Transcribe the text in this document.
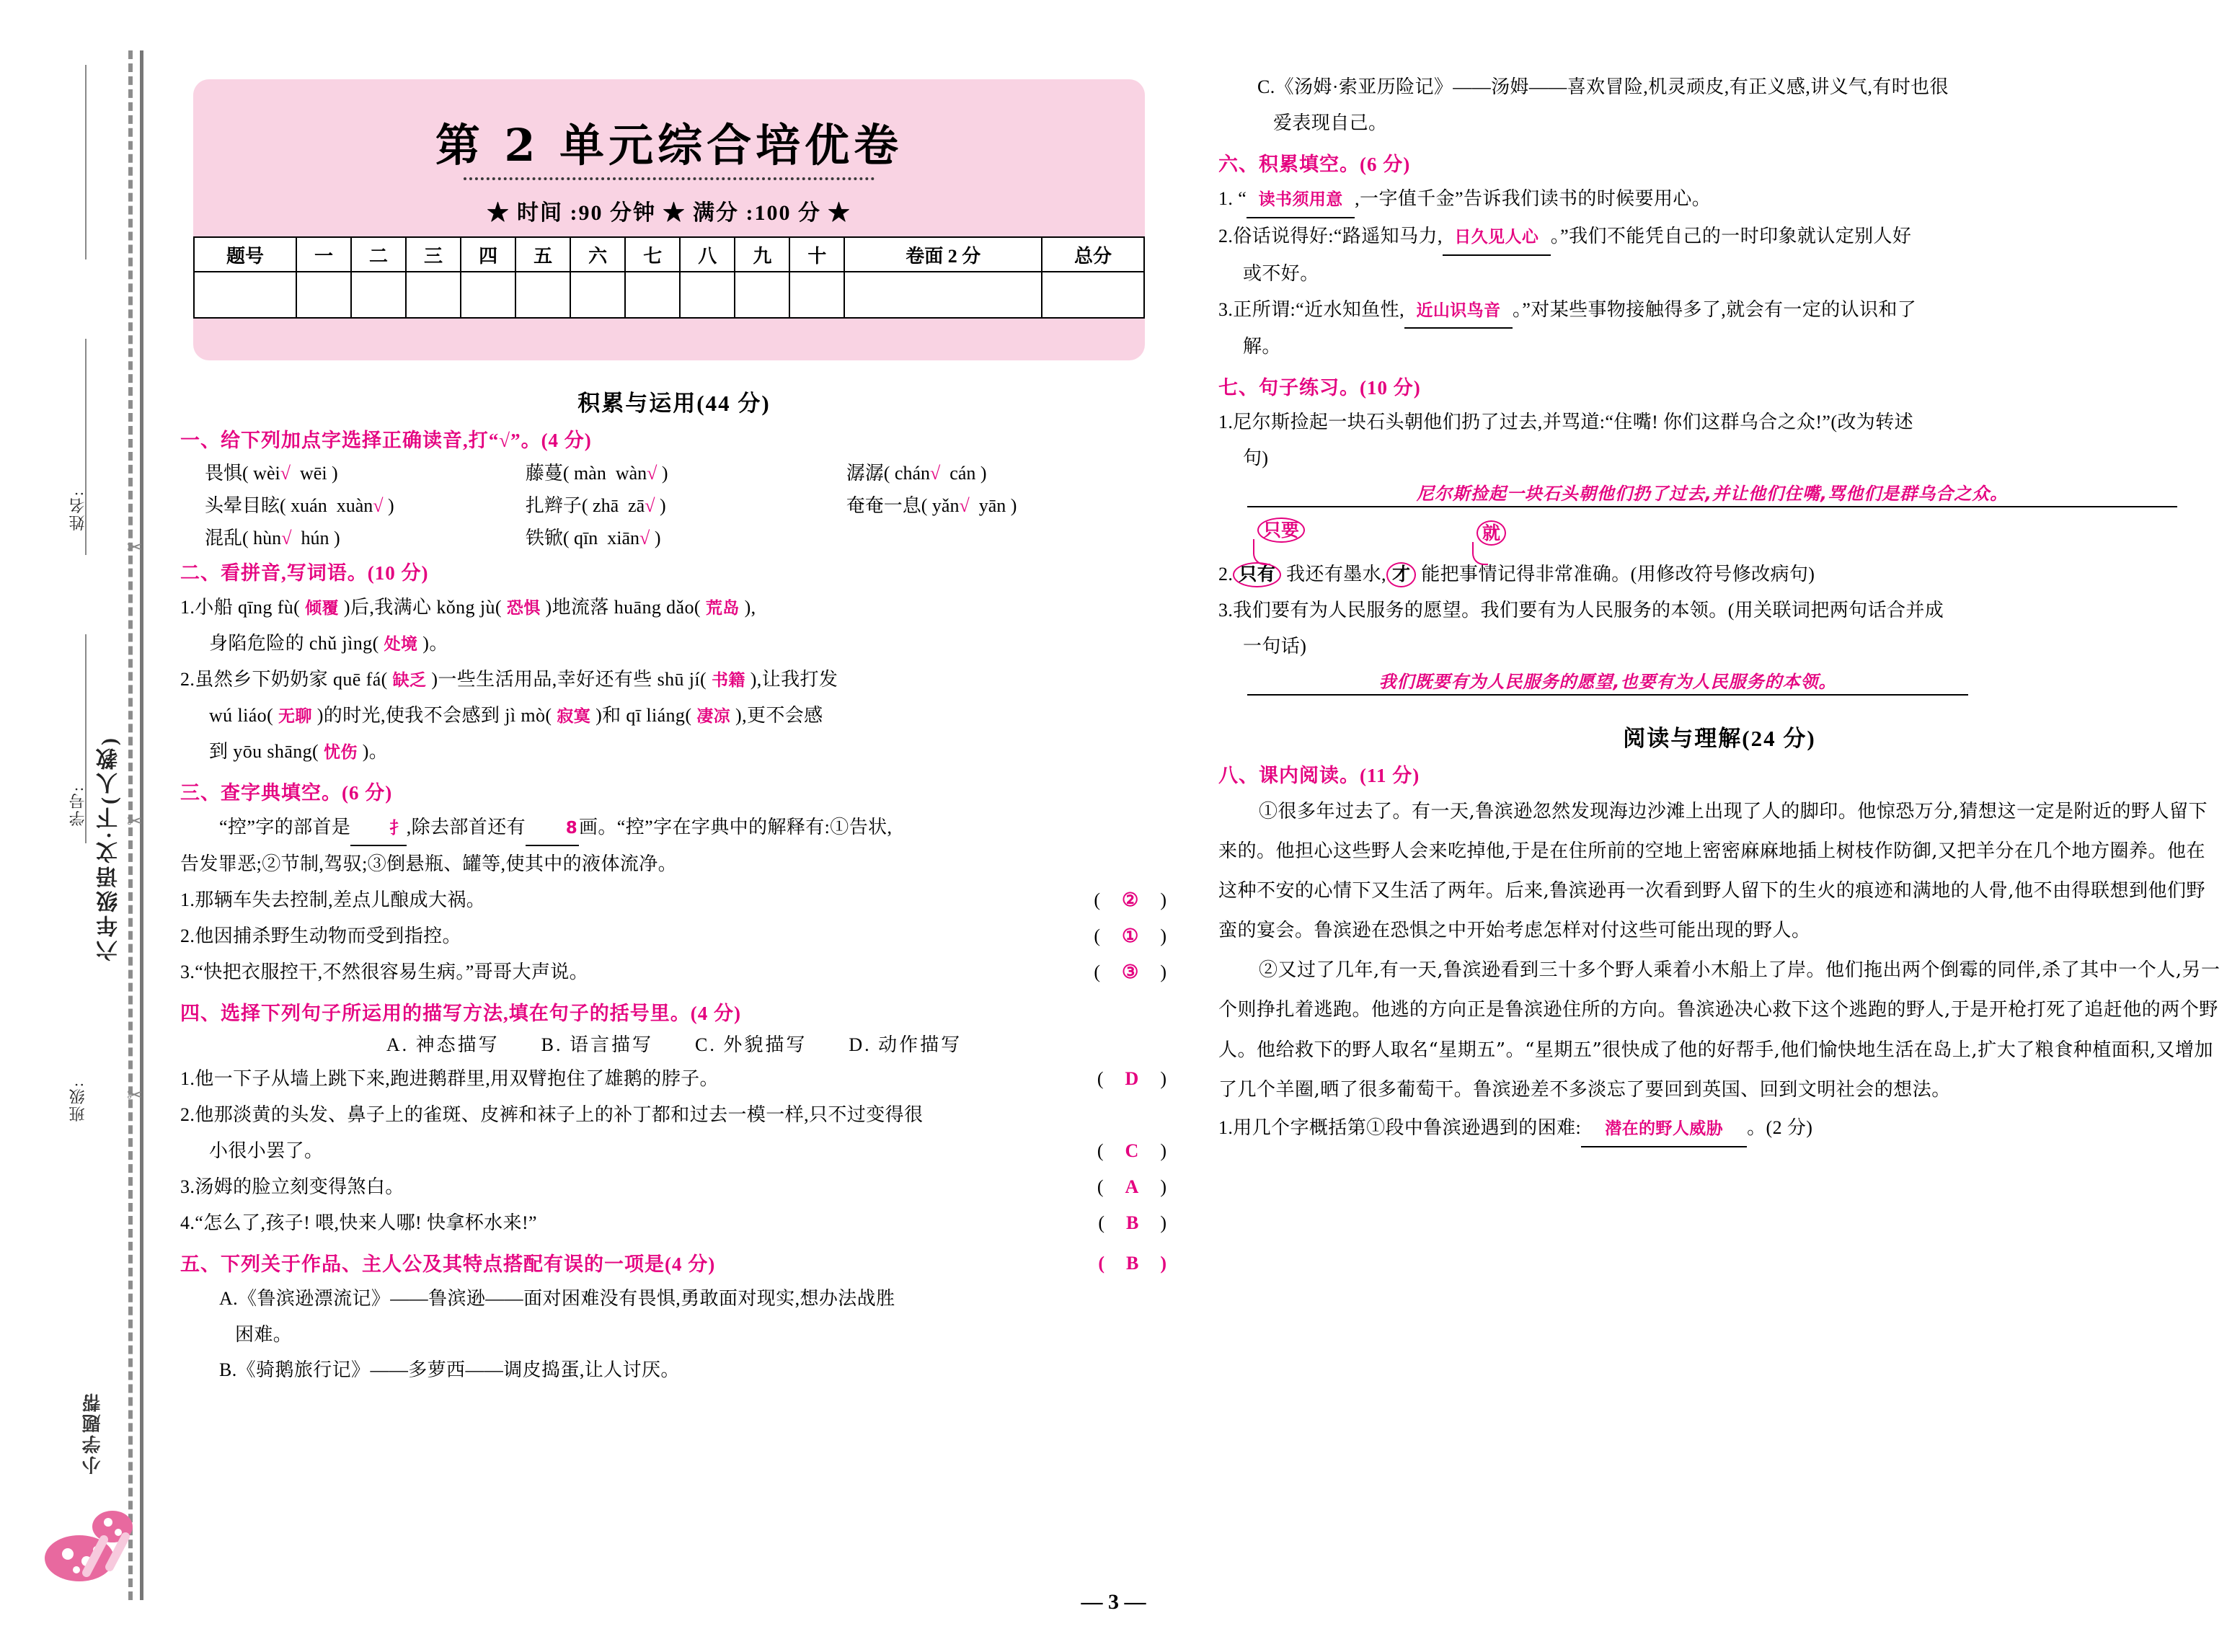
姓名:
学号:
班级:
六年级语文·下(人教)
✂
✂
✂
小学题帮
第 2 单元综合培优卷
★ 时间 :90 分钟 ★ 满分 :100 分 ★
题号	一	二	三	四	五	六	七	八	九	十	卷面 2 分	总分

积累与运用(44 分)
一、给下列加点字选择正确读音,打“√”。(4 分)
畏惧( wèi√  wēi )	藤蔓( màn  wàn√ )	潺潺( chán√  cán )
头晕目眩( xuán  xuàn√ )	扎辫子( zhā  zā√ )	奄奄一息( yǎn√  yān )
混乱( hùn√  hún )	铁锨( qīn  xiān√ )
二、看拼音,写词语。(10 分)
1.小船 qīng fù( 倾覆 )后,我满心 kǒng jù( 恐惧 )地流落 huāng dǎo( 荒岛 ),
身陷危险的 chǔ jìng( 处境 )。
2.虽然乡下奶奶家 quē fá( 缺乏 )一些生活用品,幸好还有些 shū jí( 书籍 ),让我打发
wú liáo( 无聊 )的时光,使我不会感到 jì mò( 寂寞 )和 qī liáng( 凄凉 ),更不会感
到 yōu shāng( 忧伤 )。
三、查字典填空。(6 分)
“控”字的部首是 扌,除去部首还有 8画。“控”字在字典中的解释有:①告状,
告发罪恶;②节制,驾驭;③倒悬瓶、罐等,使其中的液体流净。
1.那辆车失去控制,差点儿酿成大祸。	(　②　)
2.他因捕杀野生动物而受到指控。	(　①　)
3.“快把衣服控干,不然很容易生病。”哥哥大声说。	(　③　)
四、选择下列句子所运用的描写方法,填在句子的括号里。(4 分)
A. 神态描写　　B. 语言描写　　C. 外貌描写　　D. 动作描写
1.他一下子从墙上跳下来,跑进鹅群里,用双臂抱住了雄鹅的脖子。	(　D　)
2.他那淡黄的头发、鼻子上的雀斑、皮裤和袜子上的补丁都和过去一模一样,只不过变得很
小很小罢了。	(　C　)
3.汤姆的脸立刻变得煞白。	(　A　)
4.“怎么了,孩子! 喂,快来人哪! 快拿杯水来!”	(　B　)
五、下列关于作品、主人公及其特点搭配有误的一项是(4 分)	(　B　)
A.《鲁滨逊漂流记》——鲁滨逊——面对困难没有畏惧,勇敢面对现实,想办法战胜
困难。
B.《骑鹅旅行记》——多萝西——调皮捣蛋,让人讨厌。
C.《汤姆·索亚历险记》——汤姆——喜欢冒险,机灵顽皮,有正义感,讲义气,有时也很
爱表现自己。
六、积累填空。(6 分)
1. “ 读书须用意 ,一字值千金”告诉我们读书的时候要用心。
2.俗话说得好:“路遥知马力, 日久见人心 。”我们不能凭自己的一时印象就认定别人好
或不好。
3.正所谓:“近水知鱼性, 近山识鸟音 。”对某些事物接触得多了,就会有一定的认识和了
解。
七、句子练习。(10 分)
1.尼尔斯捡起一块石头朝他们扔了过去,并骂道:“住嘴! 你们这群乌合之众!”(改为转述
句)
尼尔斯捡起一块石头朝他们扔了过去,并让他们住嘴,骂他们是群乌合之众。
只要	就
2. 只有 我还有墨水, 才 能把事情记得非常准确。(用修改符号修改病句)
3.我们要有为人民服务的愿望。我们要有为人民服务的本领。(用关联词把两句话合并成
一句话)
我们既要有为人民服务的愿望,也要有为人民服务的本领。
阅读与理解(24 分)
八、课内阅读。(11 分)
①很多年过去了。有一天,鲁滨逊忽然发现海边沙滩上出现了人的脚印。他惊恐万分,猜想这一定是附近的野人留下来的。他担心这些野人会来吃掉他,于是在住所前的空地上密密麻麻地插上树枝作防御,又把羊分在几个地方圈养。他在这种不安的心情下又生活了两年。后来,鲁滨逊再一次看到野人留下的生火的痕迹和满地的人骨,他不由得联想到他们野蛮的宴会。鲁滨逊在恐惧之中开始考虑怎样对付这些可能出现的野人。
②又过了几年,有一天,鲁滨逊看到三十多个野人乘着小木船上了岸。他们拖出两个倒霉的同伴,杀了其中一个人,另一个则挣扎着逃跑。他逃的方向正是鲁滨逊住所的方向。鲁滨逊决心救下这个逃跑的野人,于是开枪打死了追赶他的两个野人。他给救下的野人取名“星期五”。“星期五”很快成了他的好帮手,他们愉快地生活在岛上,扩大了粮食种植面积,又增加了几个羊圈,晒了很多葡萄干。鲁滨逊差不多淡忘了要回到英国、回到文明社会的想法。
1.用几个字概括第①段中鲁滨逊遇到的困难: 潜在的野人威胁 。(2 分)
— 3 —
